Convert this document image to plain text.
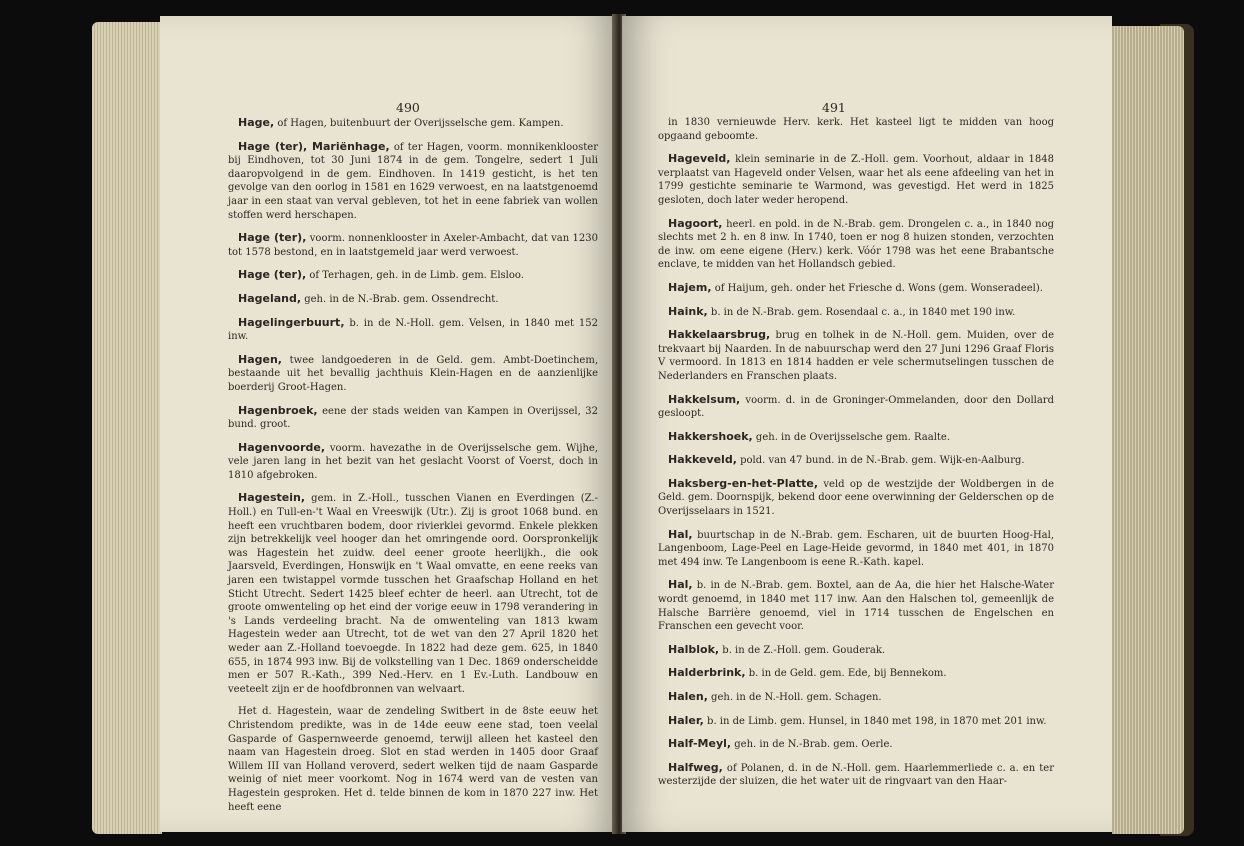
490

Hage, of Hagen, buitenbuurt der Overijsselsche gem. Kampen.

Hage (ter), Mariënhage, of ter Hagen, voorm. monnikenklooster bij Eindhoven, tot 30 Juni 1874 in de gem. Tongelre, sedert 1 Juli daaropvolgend in de gem. Eindhoven. In 1419 gesticht, is het ten gevolge van den oorlog in 1581 en 1629 verwoest, en na laatstgenoemd jaar in een staat van verval gebleven, tot het in eene fabriek van wollen stoffen werd herschapen.

Hage (ter), voorm. nonnenklooster in Axeler-Ambacht, dat van 1230 tot 1578 bestond, en in laatstgemeld jaar werd verwoest.

Hage (ter), of Terhagen, geh. in de Limb. gem. Elsloo.

Hageland, geh. in de N.-Brab. gem. Ossendrecht.

Hagelingerbuurt, b. in de N.-Holl. gem. Velsen, in 1840 met 152 inw.

Hagen, twee landgoederen in de Geld. gem. Ambt-Doetinchem, bestaande uit het bevallig jachthuis Klein-Hagen en de aanzienlijke boerderij Groot-Hagen.

Hagenbroek, eene der stads weiden van Kampen in Overijssel, 32 bund. groot.

Hagenvoorde, voorm. havezathe in de Overijsselsche gem. Wijhe, vele jaren lang in het bezit van het geslacht Voorst of Voerst, doch in 1810 afgebroken.

Hagestein, gem. in Z.-Holl., tusschen Vianen en Everdingen (Z.-Holl.) en Tull-en-'t Waal en Vreeswijk (Utr.). Zij is groot 1068 bund. en heeft een vruchtbaren bodem, door rivierklei gevormd. Enkele plekken zijn betrekkelijk veel hooger dan het omringende oord. Oorspronkelijk was Hagestein het zuidw. deel eener groote heerlijkh., die ook Jaarsveld, Everdingen, Honswijk en 't Waal omvatte, en eene reeks van jaren een twistappel vormde tusschen het Graafschap Holland en het Sticht Utrecht. Sedert 1425 bleef echter de heerl. aan Utrecht, tot de groote omwenteling op het eind der vorige eeuw in 1798 verandering in 's Lands verdeeling bracht. Na de omwenteling van 1813 kwam Hagestein weder aan Utrecht, tot de wet van den 27 April 1820 het weder aan Z.-Holland toevoegde. In 1822 had deze gem. 625, in 1840 655, in 1874 993 inw. Bij de volkstelling van 1 Dec. 1869 onderscheidde men er 507 R.-Kath., 399 Ned.-Herv. en 1 Ev.-Luth. Landbouw en veeteelt zijn er de hoofdbronnen van welvaart.

Het d. Hagestein, waar de zendeling Switbert in de 8ste eeuw het Christendom predikte, was in de 14de eeuw eene stad, toen veelal Gasparde of Gaspernweerde genoemd, terwijl alleen het kasteel den naam van Hagestein droeg. Slot en stad werden in 1405 door Graaf Willem III van Holland veroverd, sedert welken tijd de naam Gasparde weinig of niet meer voorkomt. Nog in 1674 werd van de vesten van Hagestein gesproken. Het d. telde binnen de kom in 1870 227 inw. Het heeft eene

491

in 1830 vernieuwde Herv. kerk. Het kasteel ligt te midden van hoog opgaand geboomte.

Hageveld, klein seminarie in de Z.-Holl. gem. Voorhout, aldaar in 1848 verplaatst van Hageveld onder Velsen, waar het als eene afdeeling van het in 1799 gestichte seminarie te Warmond, was gevestigd. Het werd in 1825 gesloten, doch later weder heropend.

Hagoort, heerl. en pold. in de N.-Brab. gem. Drongelen c. a., in 1840 nog slechts met 2 h. en 8 inw. In 1740, toen er nog 8 huizen stonden, verzochten de inw. om eene eigene (Herv.) kerk. Vóór 1798 was het eene Brabantsche enclave, te midden van het Hollandsch gebied.

Hajem, of Haijum, geh. onder het Friesche d. Wons (gem. Wonseradeel).

Haink, b. in de N.-Brab. gem. Rosendaal c. a., in 1840 met 190 inw.

Hakkelaarsbrug, brug en tolhek in de N.-Holl. gem. Muiden, over de trekvaart bij Naarden. In de nabuurschap werd den 27 Juni 1296 Graaf Floris V vermoord. In 1813 en 1814 hadden er vele schermutselingen tusschen de Nederlanders en Franschen plaats.

Hakkelsum, voorm. d. in de Groninger-Ommelanden, door den Dollard gesloopt.

Hakkershoek, geh. in de Overijsselsche gem. Raalte.

Hakkeveld, pold. van 47 bund. in de N.-Brab. gem. Wijk-en-Aalburg.

Haksberg-en-het-Platte, veld op de westzijde der Woldbergen in de Geld. gem. Doornspijk, bekend door eene overwinning der Gelderschen op de Overijsselaars in 1521.

Hal, buurtschap in de N.-Brab. gem. Escharen, uit de buurten Hoog-Hal, Langenboom, Lage-Peel en Lage-Heide gevormd, in 1840 met 401, in 1870 met 494 inw. Te Langenboom is eene R.-Kath. kapel.

Hal, b. in de N.-Brab. gem. Boxtel, aan de Aa, die hier het Halsche-Water wordt genoemd, in 1840 met 117 inw. Aan den Halschen tol, gemeenlijk de Halsche Barrière genoemd, viel in 1714 tusschen de Engelschen en Franschen een gevecht voor.

Halblok, b. in de Z.-Holl. gem. Gouderak.

Halderbrink, b. in de Geld. gem. Ede, bij Bennekom.

Halen, geh. in de N.-Holl. gem. Schagen.

Haler, b. in de Limb. gem. Hunsel, in 1840 met 198, in 1870 met 201 inw.

Half-Meyl, geh. in de N.-Brab. gem. Oerle.

Halfweg, of Polanen, d. in de N.-Holl. gem. Haarlemmerliede c. a. en ter westerzijde der sluizen, die het water uit de ringvaart van den Haar-
